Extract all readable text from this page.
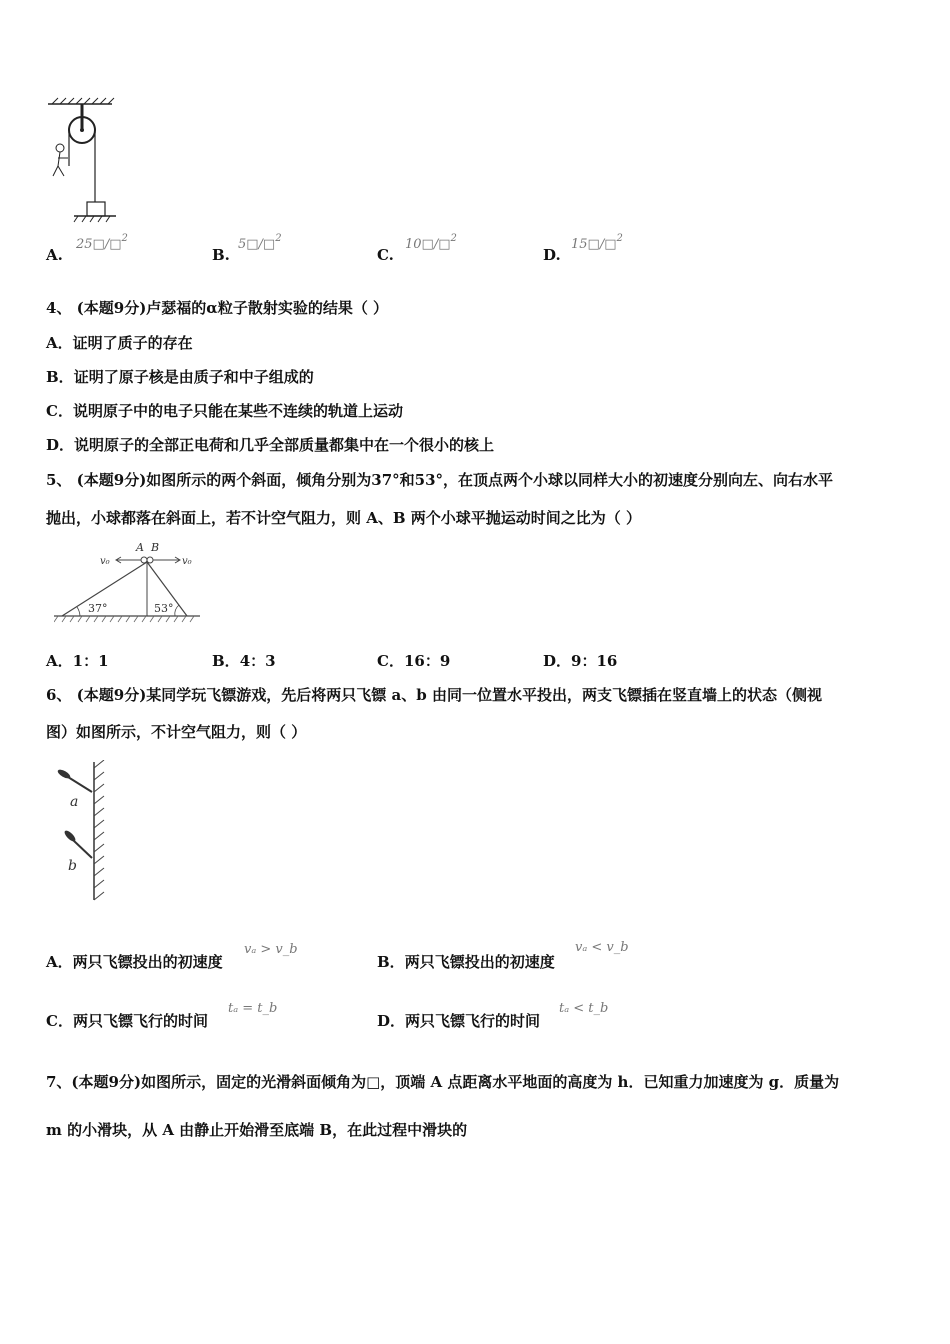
A.
25□/□$^2$
B.
5□/□$^2$
C.
10□/□$^2$
D.
15□/□$^2$
4、 (本题9分)卢瑟福的α粒子散射实验的结果（ ）
A．证明了质子的存在
B．证明了原子核是由质子和中子组成的
C．说明原子中的电子只能在某些不连续的轨道上运动
D．说明原子的全部正电荷和几乎全部质量都集中在一个很小的核上
5、 (本题9分)如图所示的两个斜面，倾角分别为37°和53°，在顶点两个小球以同样大小的初速度分别向左、向右水平
抛出，小球都落在斜面上，若不计空气阻力，则 A、B 两个小球平抛运动时间之比为（ ）
A B
v₀	v₀
37°	53°
A．1：1	B．4：3	C．16：9	D．9：16
6、 (本题9分)某同学玩飞镖游戏，先后将两只飞镖 a、b 由同一位置水平投出，两支飞镖插在竖直墙上的状态（侧视
图）如图所示，不计空气阻力，则（ ）
a
b
A．两只飞镖投出的初速度
vₐ > v_b
B．两只飞镖投出的初速度
vₐ < v_b
C．两只飞镖飞行的时间
tₐ = t_b
D．两只飞镖飞行的时间
tₐ < t_b
7、(本题9分)如图所示，固定的光滑斜面倾角为□，顶端 A 点距离水平地面的高度为 h．已知重力加速度为 g．质量为
m 的小滑块，从 A 由静止开始滑至底端 B，在此过程中滑块的
